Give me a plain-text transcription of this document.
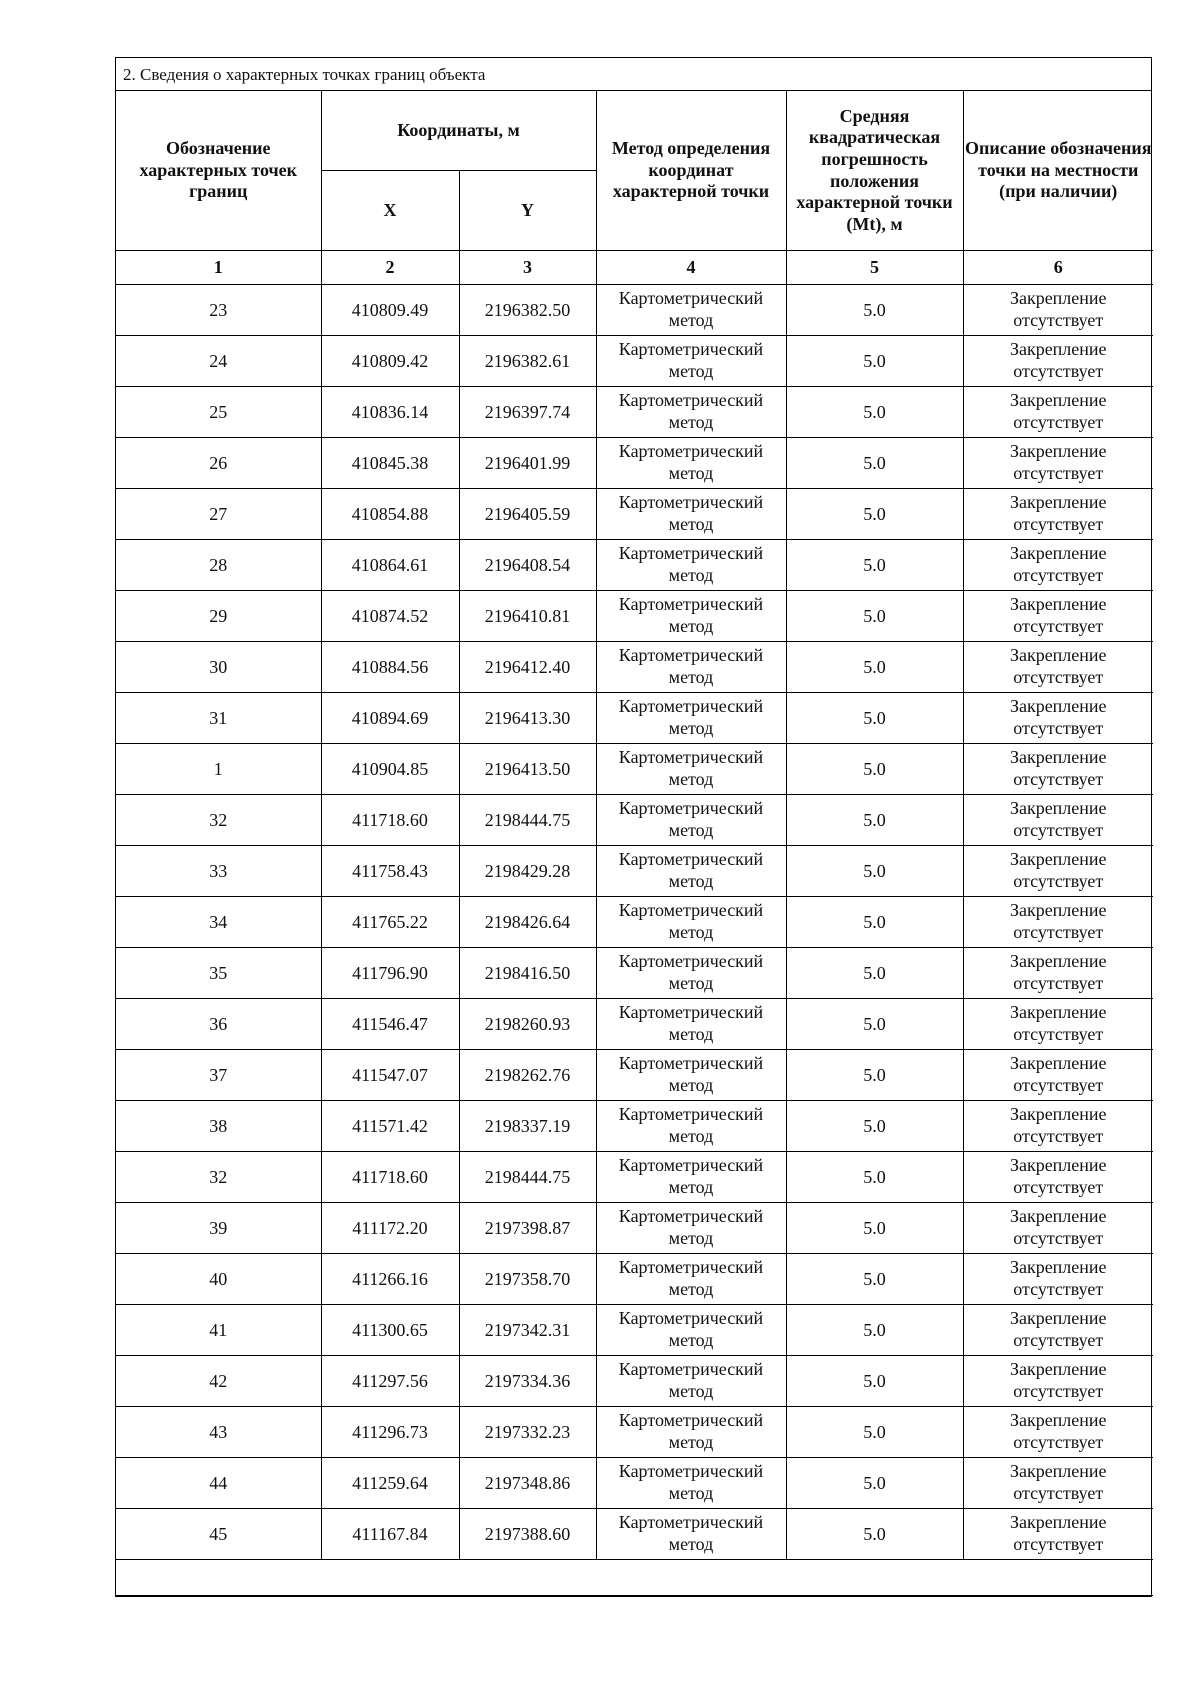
2. Сведения о характерных точках границ объекта
Обозначение характерных точек границ	Координаты, м		Метод определения координат характерной точки	Средняя квадратическая погрешность положения характерной точки (Mt), м	Описание обозначения точки на местности (при наличии)
	X	Y			
1	2	3	4	5	6
23	410809.49	2196382.50	Картометрический метод	5.0	Закрепление отсутствует
24	410809.42	2196382.61	Картометрический метод	5.0	Закрепление отсутствует
25	410836.14	2196397.74	Картометрический метод	5.0	Закрепление отсутствует
26	410845.38	2196401.99	Картометрический метод	5.0	Закрепление отсутствует
27	410854.88	2196405.59	Картометрический метод	5.0	Закрепление отсутствует
28	410864.61	2196408.54	Картометрический метод	5.0	Закрепление отсутствует
29	410874.52	2196410.81	Картометрический метод	5.0	Закрепление отсутствует
30	410884.56	2196412.40	Картометрический метод	5.0	Закрепление отсутствует
31	410894.69	2196413.30	Картометрический метод	5.0	Закрепление отсутствует
1	410904.85	2196413.50	Картометрический метод	5.0	Закрепление отсутствует
32	411718.60	2198444.75	Картометрический метод	5.0	Закрепление отсутствует
33	411758.43	2198429.28	Картометрический метод	5.0	Закрепление отсутствует
34	411765.22	2198426.64	Картометрический метод	5.0	Закрепление отсутствует
35	411796.90	2198416.50	Картометрический метод	5.0	Закрепление отсутствует
36	411546.47	2198260.93	Картометрический метод	5.0	Закрепление отсутствует
37	411547.07	2198262.76	Картометрический метод	5.0	Закрепление отсутствует
38	411571.42	2198337.19	Картометрический метод	5.0	Закрепление отсутствует
32	411718.60	2198444.75	Картометрический метод	5.0	Закрепление отсутствует
39	411172.20	2197398.87	Картометрический метод	5.0	Закрепление отсутствует
40	411266.16	2197358.70	Картометрический метод	5.0	Закрепление отсутствует
41	411300.65	2197342.31	Картометрический метод	5.0	Закрепление отсутствует
42	411297.56	2197334.36	Картометрический метод	5.0	Закрепление отсутствует
43	411296.73	2197332.23	Картометрический метод	5.0	Закрепление отсутствует
44	411259.64	2197348.86	Картометрический метод	5.0	Закрепление отсутствует
45	411167.84	2197388.60	Картометрический метод	5.0	Закрепление отсутствует
